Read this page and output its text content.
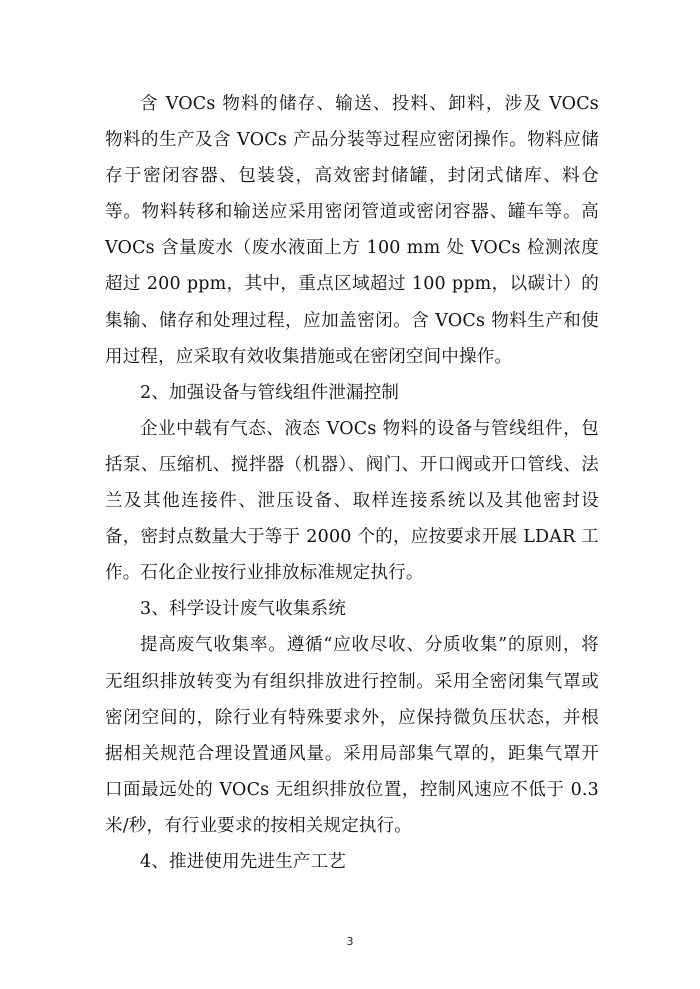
含 VOCs 物料的储存、输送、投料、卸料，涉及 VOCs 物料的生产及含 VOCs 产品分装等过程应密闭操作。物料应储存于密闭容器、包装袋，高效密封储罐，封闭式储库、料仓等。物料转移和输送应采用密闭管道或密闭容器、罐车等。高 VOCs 含量废水（废水液面上方 100 mm 处 VOCs 检测浓度超过 200 ppm，其中，重点区域超过 100 ppm，以碳计）的集输、储存和处理过程，应加盖密闭。含 VOCs 物料生产和使用过程，应采取有效收集措施或在密闭空间中操作。

2、加强设备与管线组件泄漏控制

企业中载有气态、液态 VOCs 物料的设备与管线组件，包括泵、压缩机、搅拌器（机器）、阀门、开口阀或开口管线、法兰及其他连接件、泄压设备、取样连接系统以及其他密封设备，密封点数量大于等于 2000 个的，应按要求开展 LDAR 工作。石化企业按行业排放标准规定执行。

3、科学设计废气收集系统

提高废气收集率。遵循“应收尽收、分质收集”的原则，将无组织排放转变为有组织排放进行控制。采用全密闭集气罩或密闭空间的，除行业有特殊要求外，应保持微负压状态，并根据相关规范合理设置通风量。采用局部集气罩的，距集气罩开口面最远处的 VOCs 无组织排放位置，控制风速应不低于 0.3 米/秒，有行业要求的按相关规定执行。

4、推进使用先进生产工艺

3
